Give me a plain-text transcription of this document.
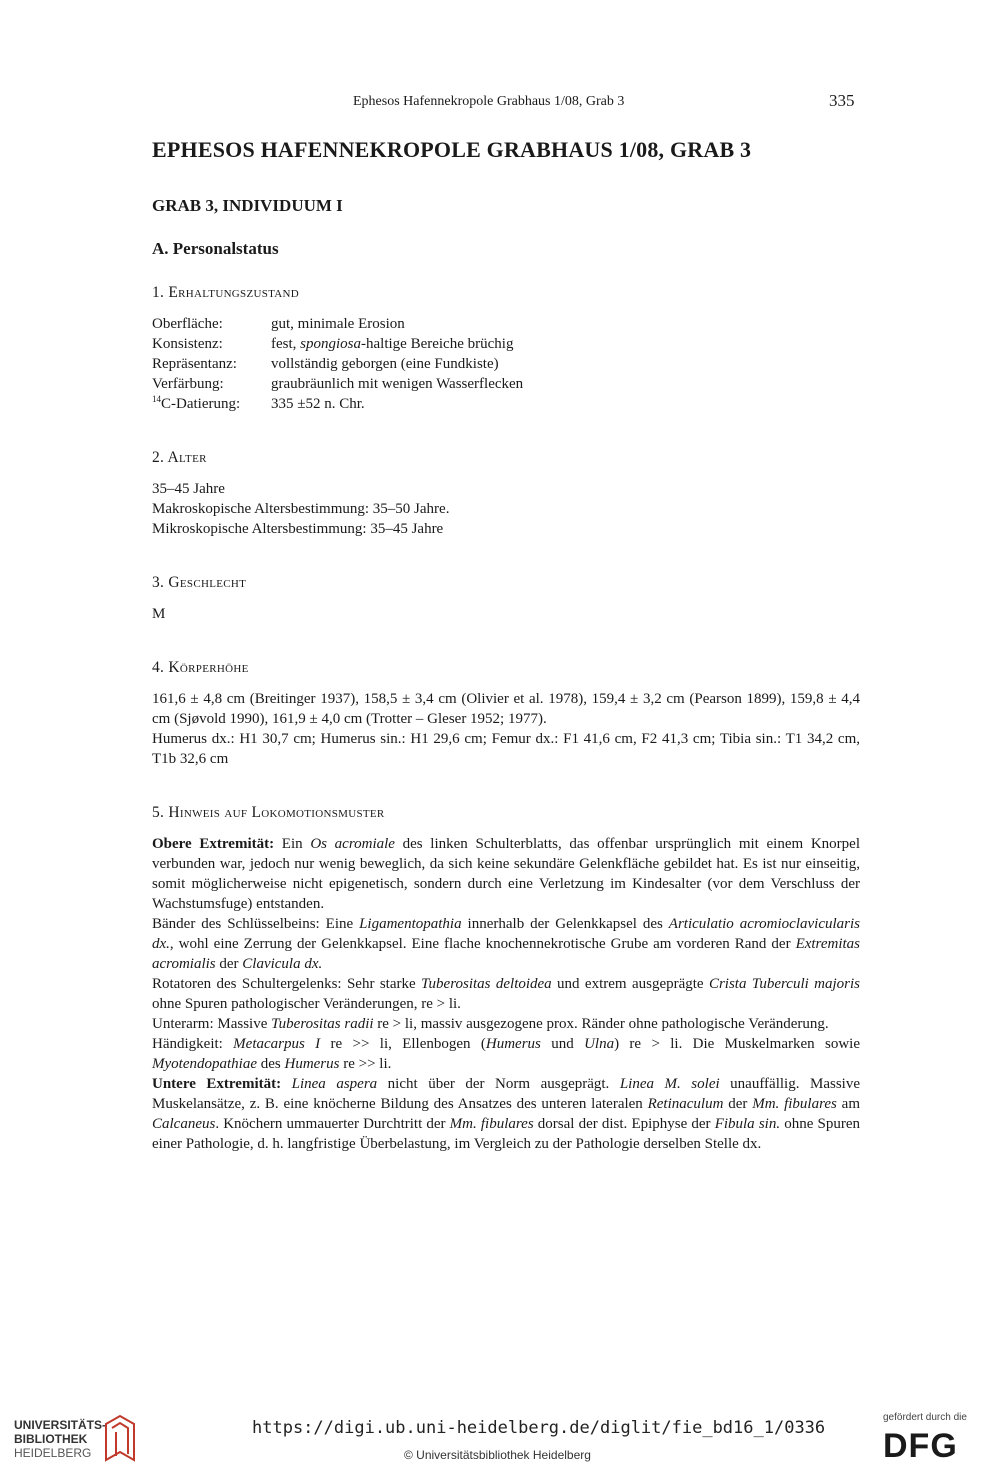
Ephesos Hafennekropole Grabhaus 1/08, Grab 3	335
EPHESOS HAFENNEKROPOLE GRABHAUS 1/08, GRAB 3
GRAB 3, INDIVIDUUM I
A. Personalstatus
1. Erhaltungszustand
Oberfläche:	gut, minimale Erosion
Konsistenz:	fest, spongiosa-haltige Bereiche brüchig
Repräsentanz:	vollständig geborgen (eine Fundkiste)
Verfärbung:	graubräunlich mit wenigen Wasserflecken
$^{14}$C-Datierung:	335 ±52 n. Chr.
2. Alter
35–45 Jahre
Makroskopische Altersbestimmung: 35–50 Jahre.
Mikroskopische Altersbestimmung: 35–45 Jahre
3. Geschlecht
M
4. Körperhöhe
161,6 ± 4,8 cm (Breitinger 1937), 158,5 ± 3,4 cm (Olivier et al. 1978), 159,4 ± 3,2 cm (Pearson 1899), 159,8 ± 4,4 cm (Sjøvold 1990), 161,9 ± 4,0 cm (Trotter – Gleser 1952; 1977).
Humerus dx.: H1 30,7 cm; Humerus sin.: H1 29,6 cm; Femur dx.: F1 41,6 cm, F2 41,3 cm; Tibia sin.: T1 34,2 cm, T1b 32,6 cm
5. Hinweis auf Lokomotionsmuster
Obere Extremität: Ein Os acromiale des linken Schulterblatts, das offenbar ursprünglich mit einem Knorpel verbunden war, jedoch nur wenig beweglich, da sich keine sekundäre Gelenkfläche gebildet hat. Es ist nur einseitig, somit möglicherweise nicht epigenetisch, sondern durch eine Verletzung im Kindesalter (vor dem Verschluss der Wachstumsfuge) entstanden.
Bänder des Schlüsselbeins: Eine Ligamentopathia innerhalb der Gelenkkapsel des Articulatio acromioclavicularis dx., wohl eine Zerrung der Gelenkkapsel. Eine flache knochennekrotische Grube am vorderen Rand der Extremitas acromialis der Clavicula dx.
Rotatoren des Schultergelenks: Sehr starke Tuberositas deltoidea und extrem ausgeprägte Crista Tuberculi majoris ohne Spuren pathologischer Veränderungen, re > li.
Unterarm: Massive Tuberositas radii re > li, massiv ausgezogene prox. Ränder ohne pathologische Veränderung.
Händigkeit: Metacarpus I re >> li, Ellenbogen (Humerus und Ulna) re > li. Die Muskelmarken sowie Myotendopathiae des Humerus re >> li.
Untere Extremität: Linea aspera nicht über der Norm ausgeprägt. Linea M. solei unauffällig. Massive Muskelansätze, z. B. eine knöcherne Bildung des Ansatzes des unteren lateralen Retinaculum der Mm. fibulares am Calcaneus. Knöchern ummauerter Durchtritt der Mm. fibulares dorsal der dist. Epiphyse der Fibula sin. ohne Spuren einer Pathologie, d. h. langfristige Überbelastung, im Vergleich zu der Pathologie derselben Stelle dx.
UNIVERSITÄTS-
BIBLIOTHEK
HEIDELBERG
https://digi.ub.uni-heidelberg.de/diglit/fie_bd16_1/0336
© Universitätsbibliothek Heidelberg
gefördert durch die
DFG
